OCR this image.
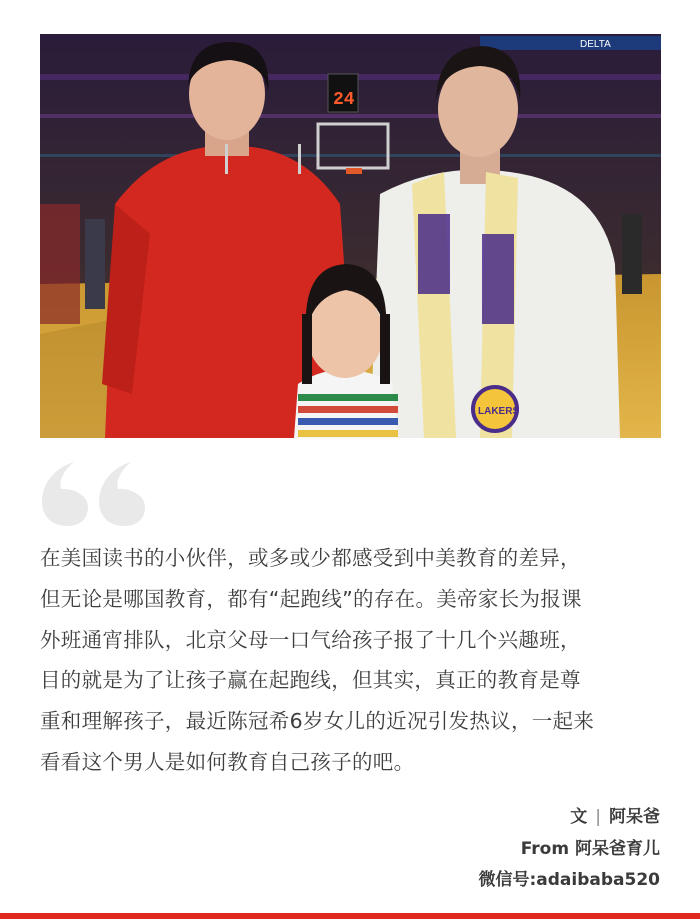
DELTA
24
LAKERS

在美国读书的小伙伴，或多或少都感受到中美教育的差异，
但无论是哪国教育，都有“起跑线”的存在。美帝家长为报课
外班通宵排队，北京父母一口气给孩子报了十几个兴趣班，
目的就是为了让孩子赢在起跑线，但其实，真正的教育是尊
重和理解孩子，最近陈冠希6岁女儿的近况引发热议，一起来
看看这个男人是如何教育自己孩子的吧。

文 | 阿呆爸
From 阿呆爸育儿
微信号:adaibaba520
